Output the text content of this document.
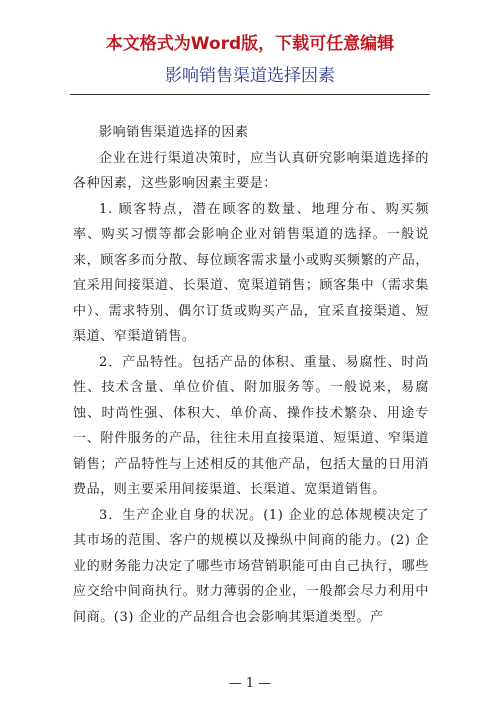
本文格式为Word版，下载可任意编辑
影响销售渠道选择因素

影响销售渠道选择的因素

企业在进行渠道决策时，应当认真研究影响渠道选择的各种因素，这些影响因素主要是：

1. 顾客特点，潜在顾客的数量、地理分布、购买频率、购买习惯等都会影响企业对销售渠道的选择。一般说来，顾客多而分散、每位顾客需求量小或购买频繁的产品，宜采用间接渠道、长渠道、宽渠道销售；顾客集中（需求集中）、需求特别、偶尔订货或购买产品，宜采直接渠道、短渠道、窄渠道销售。

2．产品特性。包括产品的体积、重量、易腐性、时尚性、技术含量、单位价值、附加服务等。一般说来，易腐蚀、时尚性强、体积大、单价高、操作技术繁杂、用途专一、附件服务的产品，往往未用直接渠道、短渠道、窄渠道销售；产品特性与上述相反的其他产品，包括大量的日用消费品，则主要采用间接渠道、长渠道、宽渠道销售。

3．生产企业自身的状况。(1) 企业的总体规模决定了其市场的范围、客户的规模以及操纵中间商的能力。(2) 企业的财务能力决定了哪些市场营销职能可由自己执行，哪些应交给中间商执行。财力薄弱的企业，一般都会尽力利用中间商。(3) 企业的产品组合也会影响其渠道类型。产

— 1 —
